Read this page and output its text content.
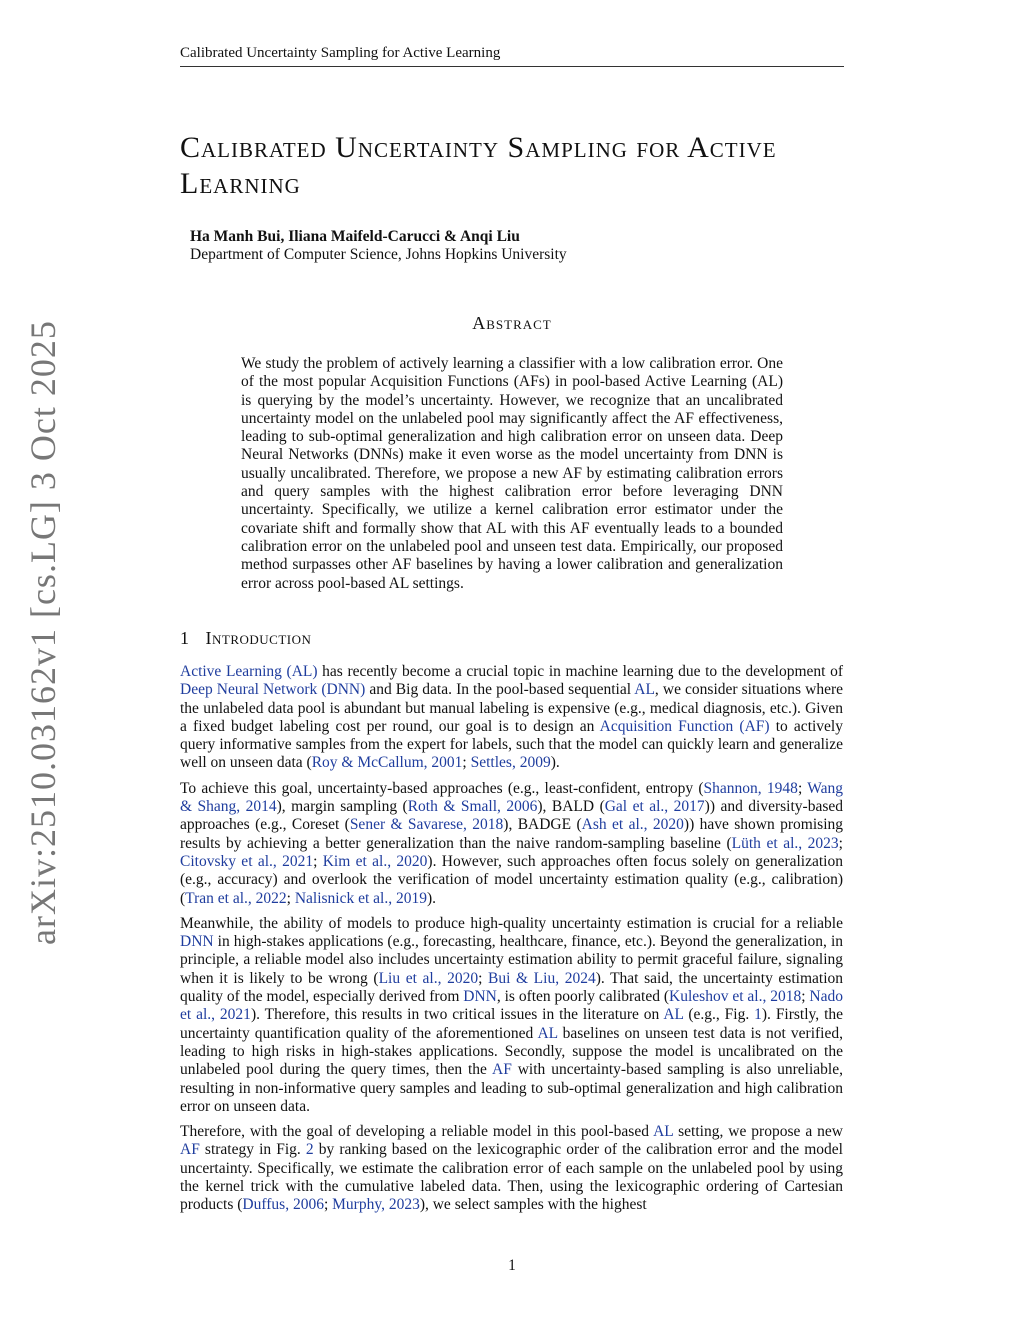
Calibrated Uncertainty Sampling for Active Learning
Calibrated Uncertainty Sampling for Active Learning
Ha Manh Bui, Iliana Maifeld-Carucci & Anqi Liu
Department of Computer Science, Johns Hopkins University
Abstract

We study the problem of actively learning a classifier with a low calibration error. One of the most popular Acquisition Functions (AFs) in pool-based Active Learning (AL) is querying by the model’s uncertainty. However, we recognize that an uncalibrated uncertainty model on the unlabeled pool may significantly affect the AF effectiveness, leading to sub-optimal generalization and high calibration error on unseen data. Deep Neural Networks (DNNs) make it even worse as the model uncertainty from DNN is usually uncalibrated. Therefore, we propose a new AF by estimating calibration errors and query samples with the highest calibration error before leveraging DNN uncertainty. Specifically, we utilize a kernel calibration error estimator under the covariate shift and formally show that AL with this AF eventually leads to a bounded calibration error on the unlabeled pool and unseen test data. Empirically, our proposed method surpasses other AF baselines by having a lower calibration and generalization error across pool-based AL settings.

1 Introduction

Active Learning (AL) has recently become a crucial topic in machine learning due to the development of Deep Neural Network (DNN) and Big data. In the pool-based sequential AL, we consider situations where the unlabeled data pool is abundant but manual labeling is expensive (e.g., medical diagnosis, etc.). Given a fixed budget labeling cost per round, our goal is to design an Acquisition Function (AF) to actively query informative samples from the expert for labels, such that the model can quickly learn and generalize well on unseen data (Roy & McCallum, 2001; Settles, 2009).

To achieve this goal, uncertainty-based approaches (e.g., least-confident, entropy (Shannon, 1948; Wang & Shang, 2014), margin sampling (Roth & Small, 2006), BALD (Gal et al., 2017)) and diversity-based approaches (e.g., Coreset (Sener & Savarese, 2018), BADGE (Ash et al., 2020)) have shown promising results by achieving a better generalization than the naive random-sampling baseline (Lüth et al., 2023; Citovsky et al., 2021; Kim et al., 2020). However, such approaches often focus solely on generalization (e.g., accuracy) and overlook the verification of model uncertainty estimation quality (e.g., calibration) (Tran et al., 2022; Nalisnick et al., 2019).

Meanwhile, the ability of models to produce high-quality uncertainty estimation is crucial for a reliable DNN in high-stakes applications (e.g., forecasting, healthcare, finance, etc.). Beyond the generalization, in principle, a reliable model also includes uncertainty estimation ability to permit graceful failure, signaling when it is likely to be wrong (Liu et al., 2020; Bui & Liu, 2024). That said, the uncertainty estimation quality of the model, especially derived from DNN, is often poorly calibrated (Kuleshov et al., 2018; Nado et al., 2021). Therefore, this results in two critical issues in the literature on AL (e.g., Fig. 1). Firstly, the uncertainty quantification quality of the aforementioned AL baselines on unseen test data is not verified, leading to high risks in high-stakes applications. Secondly, suppose the model is uncalibrated on the unlabeled pool during the query times, then the AF with uncertainty-based sampling is also unreliable, resulting in non-informative query samples and leading to sub-optimal generalization and high calibration error on unseen data.

Therefore, with the goal of developing a reliable model in this pool-based AL setting, we propose a new AF strategy in Fig. 2 by ranking based on the lexicographic order of the calibration error and the model uncertainty. Specifically, we estimate the calibration error of each sample on the unlabeled pool by using the kernel trick with the cumulative labeled data. Then, using the lexicographic ordering of Cartesian products (Duffus, 2006; Murphy, 2023), we select samples with the highest

1
arXiv:2510.03162v1 [cs.LG] 3 Oct 2025
